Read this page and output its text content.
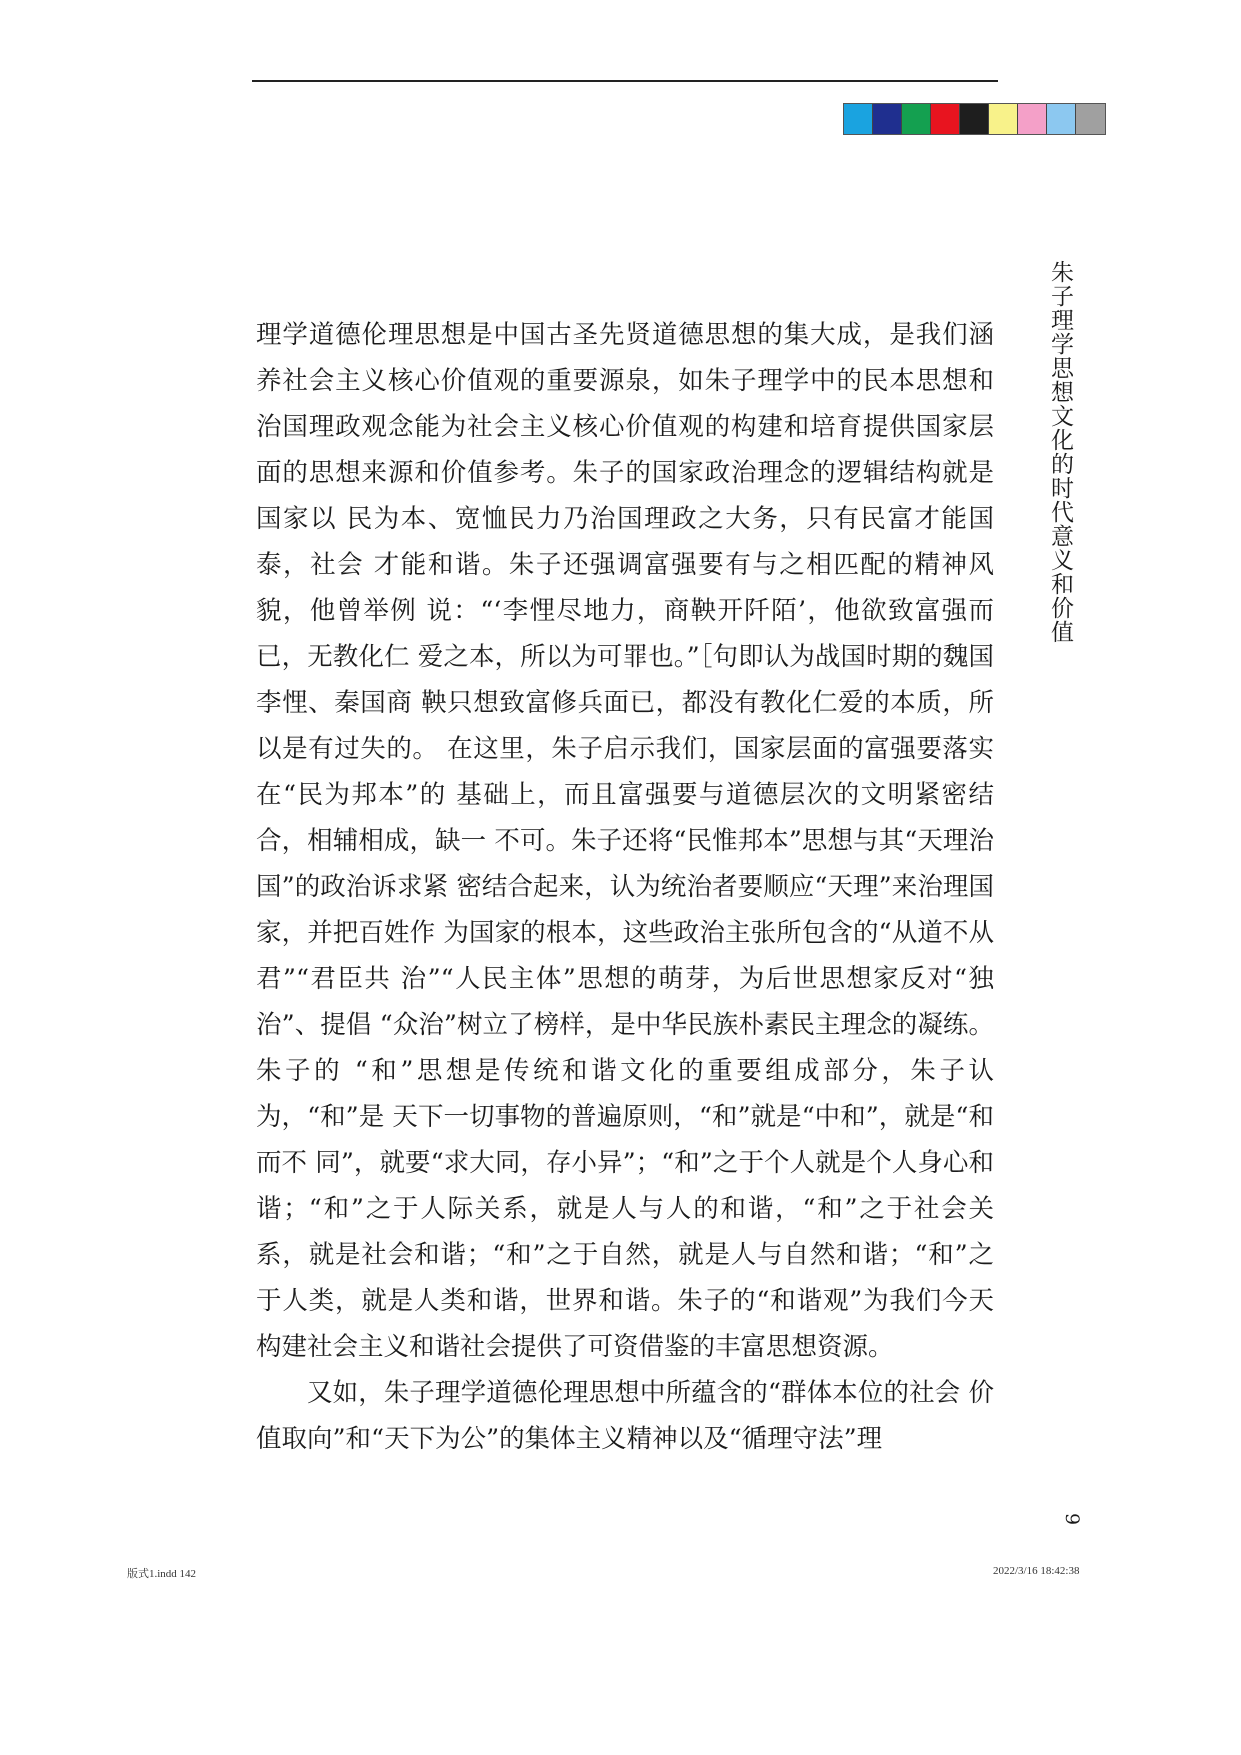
朱子理学思想文化的时代意义和价值

理学道德伦理思想是中国古圣先贤道德思想的集大成，是我们涵养社会主义核心价值观的重要源泉，如朱子理学中的民本思想和治国理政观念能为社会主义核心价值观的构建和培育提供国家层面的思想来源和价值参考。朱子的国家政治理念的逻辑结构就是国家以 民为本、宽恤民力乃治国理政之大务，只有民富才能国泰，社会 才能和谐。朱子还强调富强要有与之相匹配的精神风貌，他曾举例 说：“‘李悝尽地力，商鞅开阡陌’，他欲致富强而已，无教化仁 爱之本，所以为可罪也。”［句即认为战国时期的魏国李悝、秦国商 鞅只想致富修兵面已，都没有教化仁爱的本质，所以是有过失的。 在这里，朱子启示我们，国家层面的富强要落实在“民为邦本”的 基础上，而且富强要与道德层次的文明紧密结合，相辅相成，缺一 不可。朱子还将“民惟邦本”思想与其“天理治国”的政治诉求紧 密结合起来，认为统治者要顺应“天理”来治理国家，并把百姓作 为国家的根本，这些政治主张所包含的“从道不从君”“君臣共 治”“人民主体”思想的萌芽，为后世思想家反对“独治”、提倡 “众治”树立了榜样，是中华民族朴素民主理念的凝练。朱子的 “和”思想是传统和谐文化的重要组成部分，朱子认为，“和”是 天下一切事物的普遍原则，“和”就是“中和”，就是“和而不 同”，就要“求大同，存小异”；“和”之于个人就是个人身心和 谐；“和”之于人际关系，就是人与人的和谐，“和”之于社会关 系，就是社会和谐；“和”之于自然，就是人与自然和谐；“和”之 于人类，就是人类和谐，世界和谐。朱子的“和谐观”为我们今天 构建社会主义和谐社会提供了可资借鉴的丰富思想资源。

又如，朱子理学道德伦理思想中所蕴含的“群体本位的社会 价值取向”和“天下为公”的集体主义精神以及“循理守法”理

9
版式1.indd 142	2022/3/16 18:42:38
